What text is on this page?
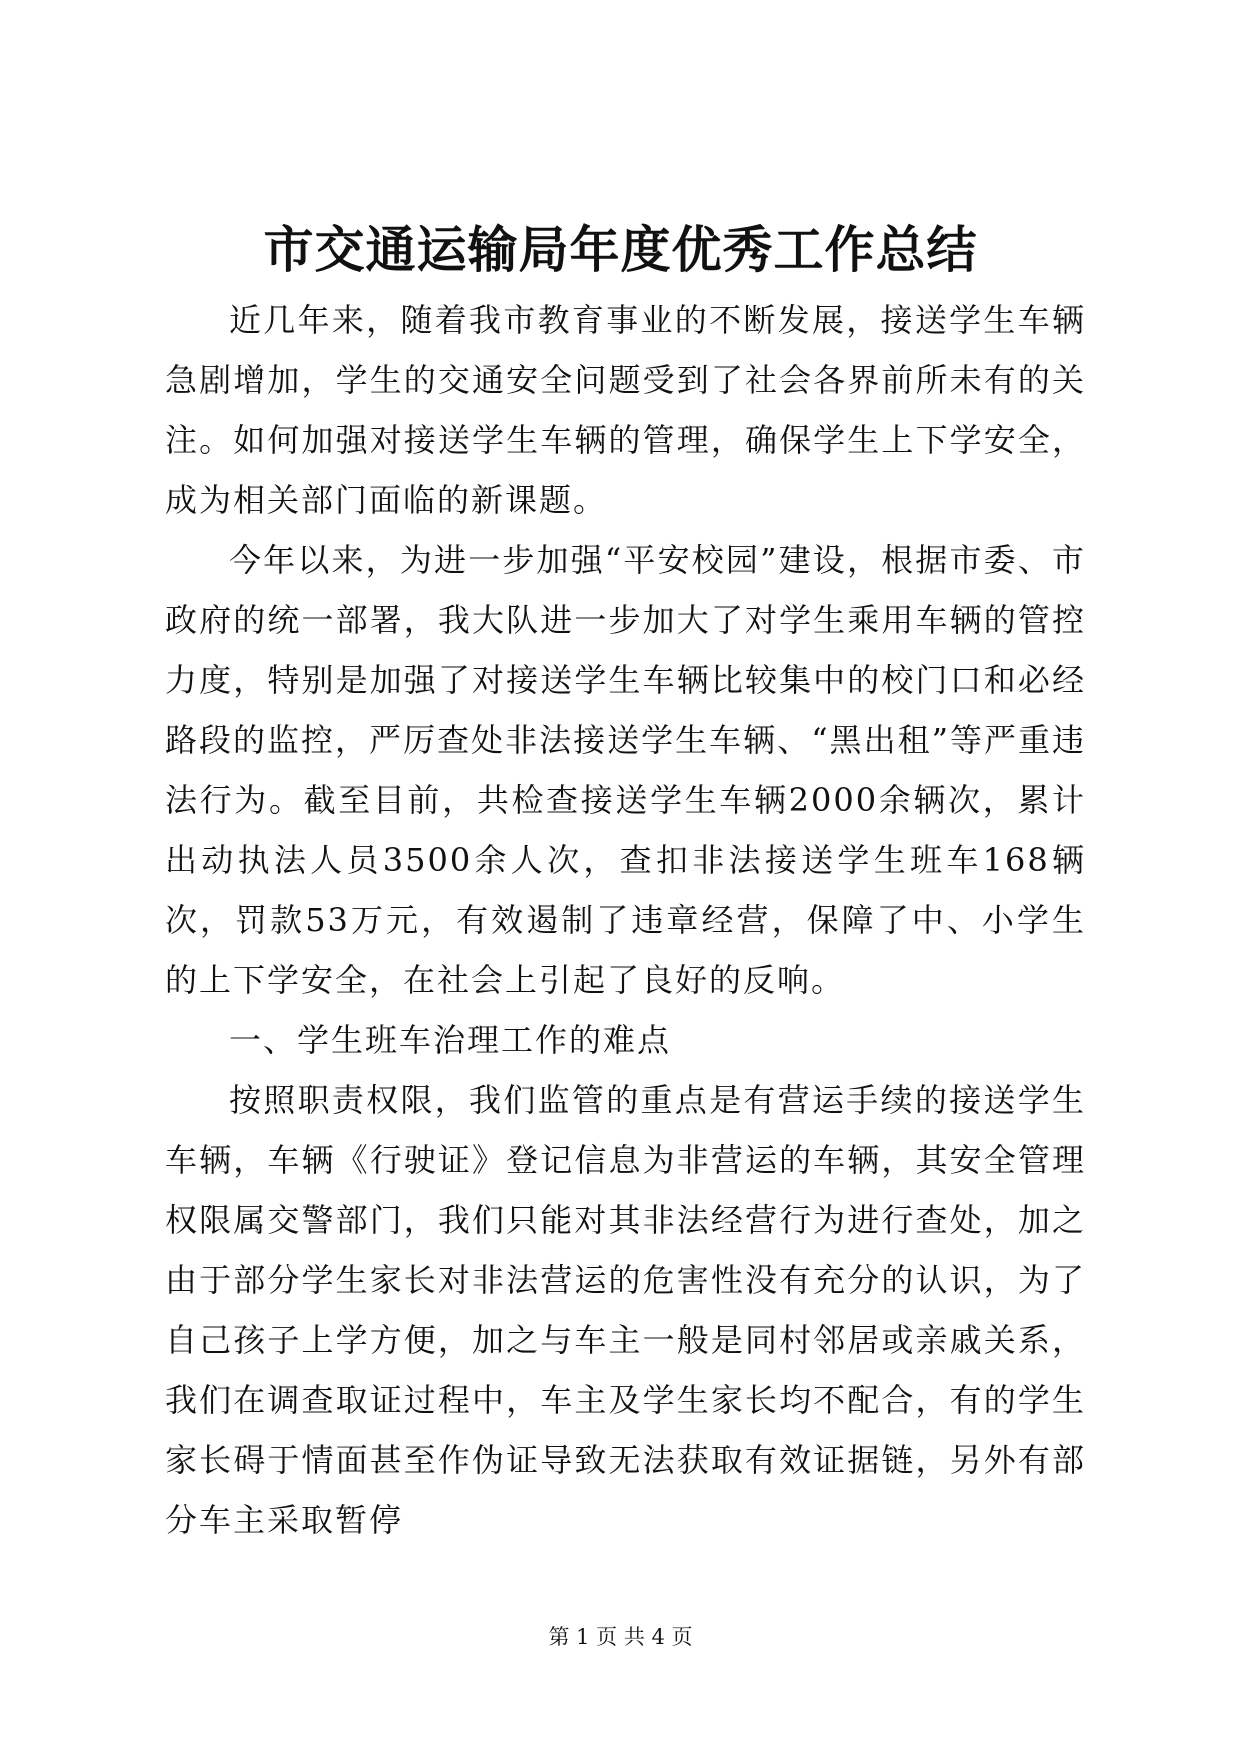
市交通运输局年度优秀工作总结

近几年来，随着我市教育事业的不断发展，接送学生车辆急剧增加，学生的交通安全问题受到了社会各界前所未有的关注。如何加强对接送学生车辆的管理，确保学生上下学安全，成为相关部门面临的新课题。

今年以来，为进一步加强“平安校园”建设，根据市委、市政府的统一部署，我大队进一步加大了对学生乘用车辆的管控力度，特别是加强了对接送学生车辆比较集中的校门口和必经路段的监控，严厉查处非法接送学生车辆、“黑出租”等严重违法行为。截至目前，共检查接送学生车辆2000余辆次，累计出动执法人员3500余人次，查扣非法接送学生班车168辆次，罚款53万元，有效遏制了违章经营，保障了中、小学生的上下学安全，在社会上引起了良好的反响。

一、学生班车治理工作的难点

按照职责权限，我们监管的重点是有营运手续的接送学生车辆，车辆《行驶证》登记信息为非营运的车辆，其安全管理权限属交警部门，我们只能对其非法经营行为进行查处，加之由于部分学生家长对非法营运的危害性没有充分的认识，为了自己孩子上学方便，加之与车主一般是同村邻居或亲戚关系，我们在调查取证过程中，车主及学生家长均不配合，有的学生家长碍于情面甚至作伪证导致无法获取有效证据链，另外有部分车主采取暂停

第 1 页 共 4 页
